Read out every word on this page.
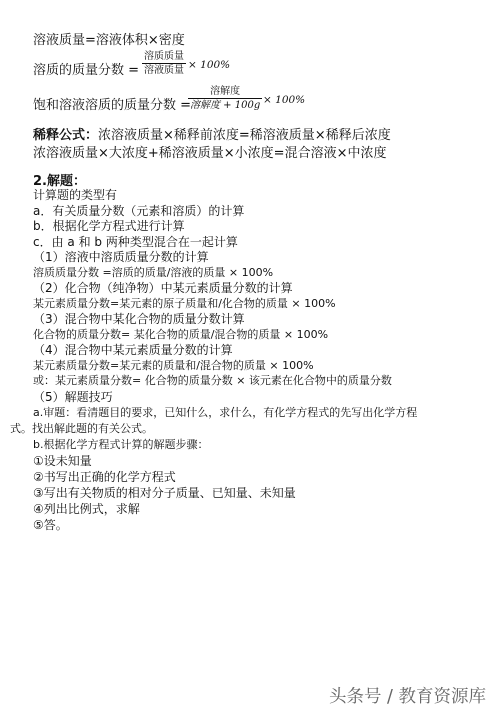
溶液质量=溶液体积×密度
溶质的质量分数 =
溶质质量
溶液质量 × 100%
饱和溶液溶质的质量分数 =
溶解度
溶解度 + 100g × 100%
稀释公式：浓溶液质量×稀释前浓度=稀溶液质量×稀释后浓度
浓溶液质量×大浓度+稀溶液质量×小浓度=混合溶液×中浓度
2.解题：
计算题的类型有
a．有关质量分数（元素和溶质）的计算
b．根据化学方程式进行计算
c．由 a 和 b 两种类型混合在一起计算
（1）溶液中溶质质量分数的计算
溶质质量分数 =溶质的质量/溶液的质量 × 100%
（2）化合物（纯净物）中某元素质量分数的计算
某元素质量分数=某元素的原子质量和/化合物的质量 × 100%
（3）混合物中某化合物的质量分数计算
化合物的质量分数= 某化合物的质量/混合物的质量 × 100%
（4）混合物中某元素质量分数的计算
某元素质量分数=某元素的质量和/混合物的质量 × 100%
或：某元素质量分数= 化合物的质量分数 × 该元素在化合物中的质量分数
（5）解题技巧
a.审题：看清题目的要求，已知什么，求什么，有化学方程式的先写出化学方程
式。找出解此题的有关公式。
b.根据化学方程式计算的解题步骤：
①设未知量
②书写出正确的化学方程式
③写出有关物质的相对分子质量、已知量、未知量
④列出比例式，求解
⑤答。
头条号 / 教育资源库
